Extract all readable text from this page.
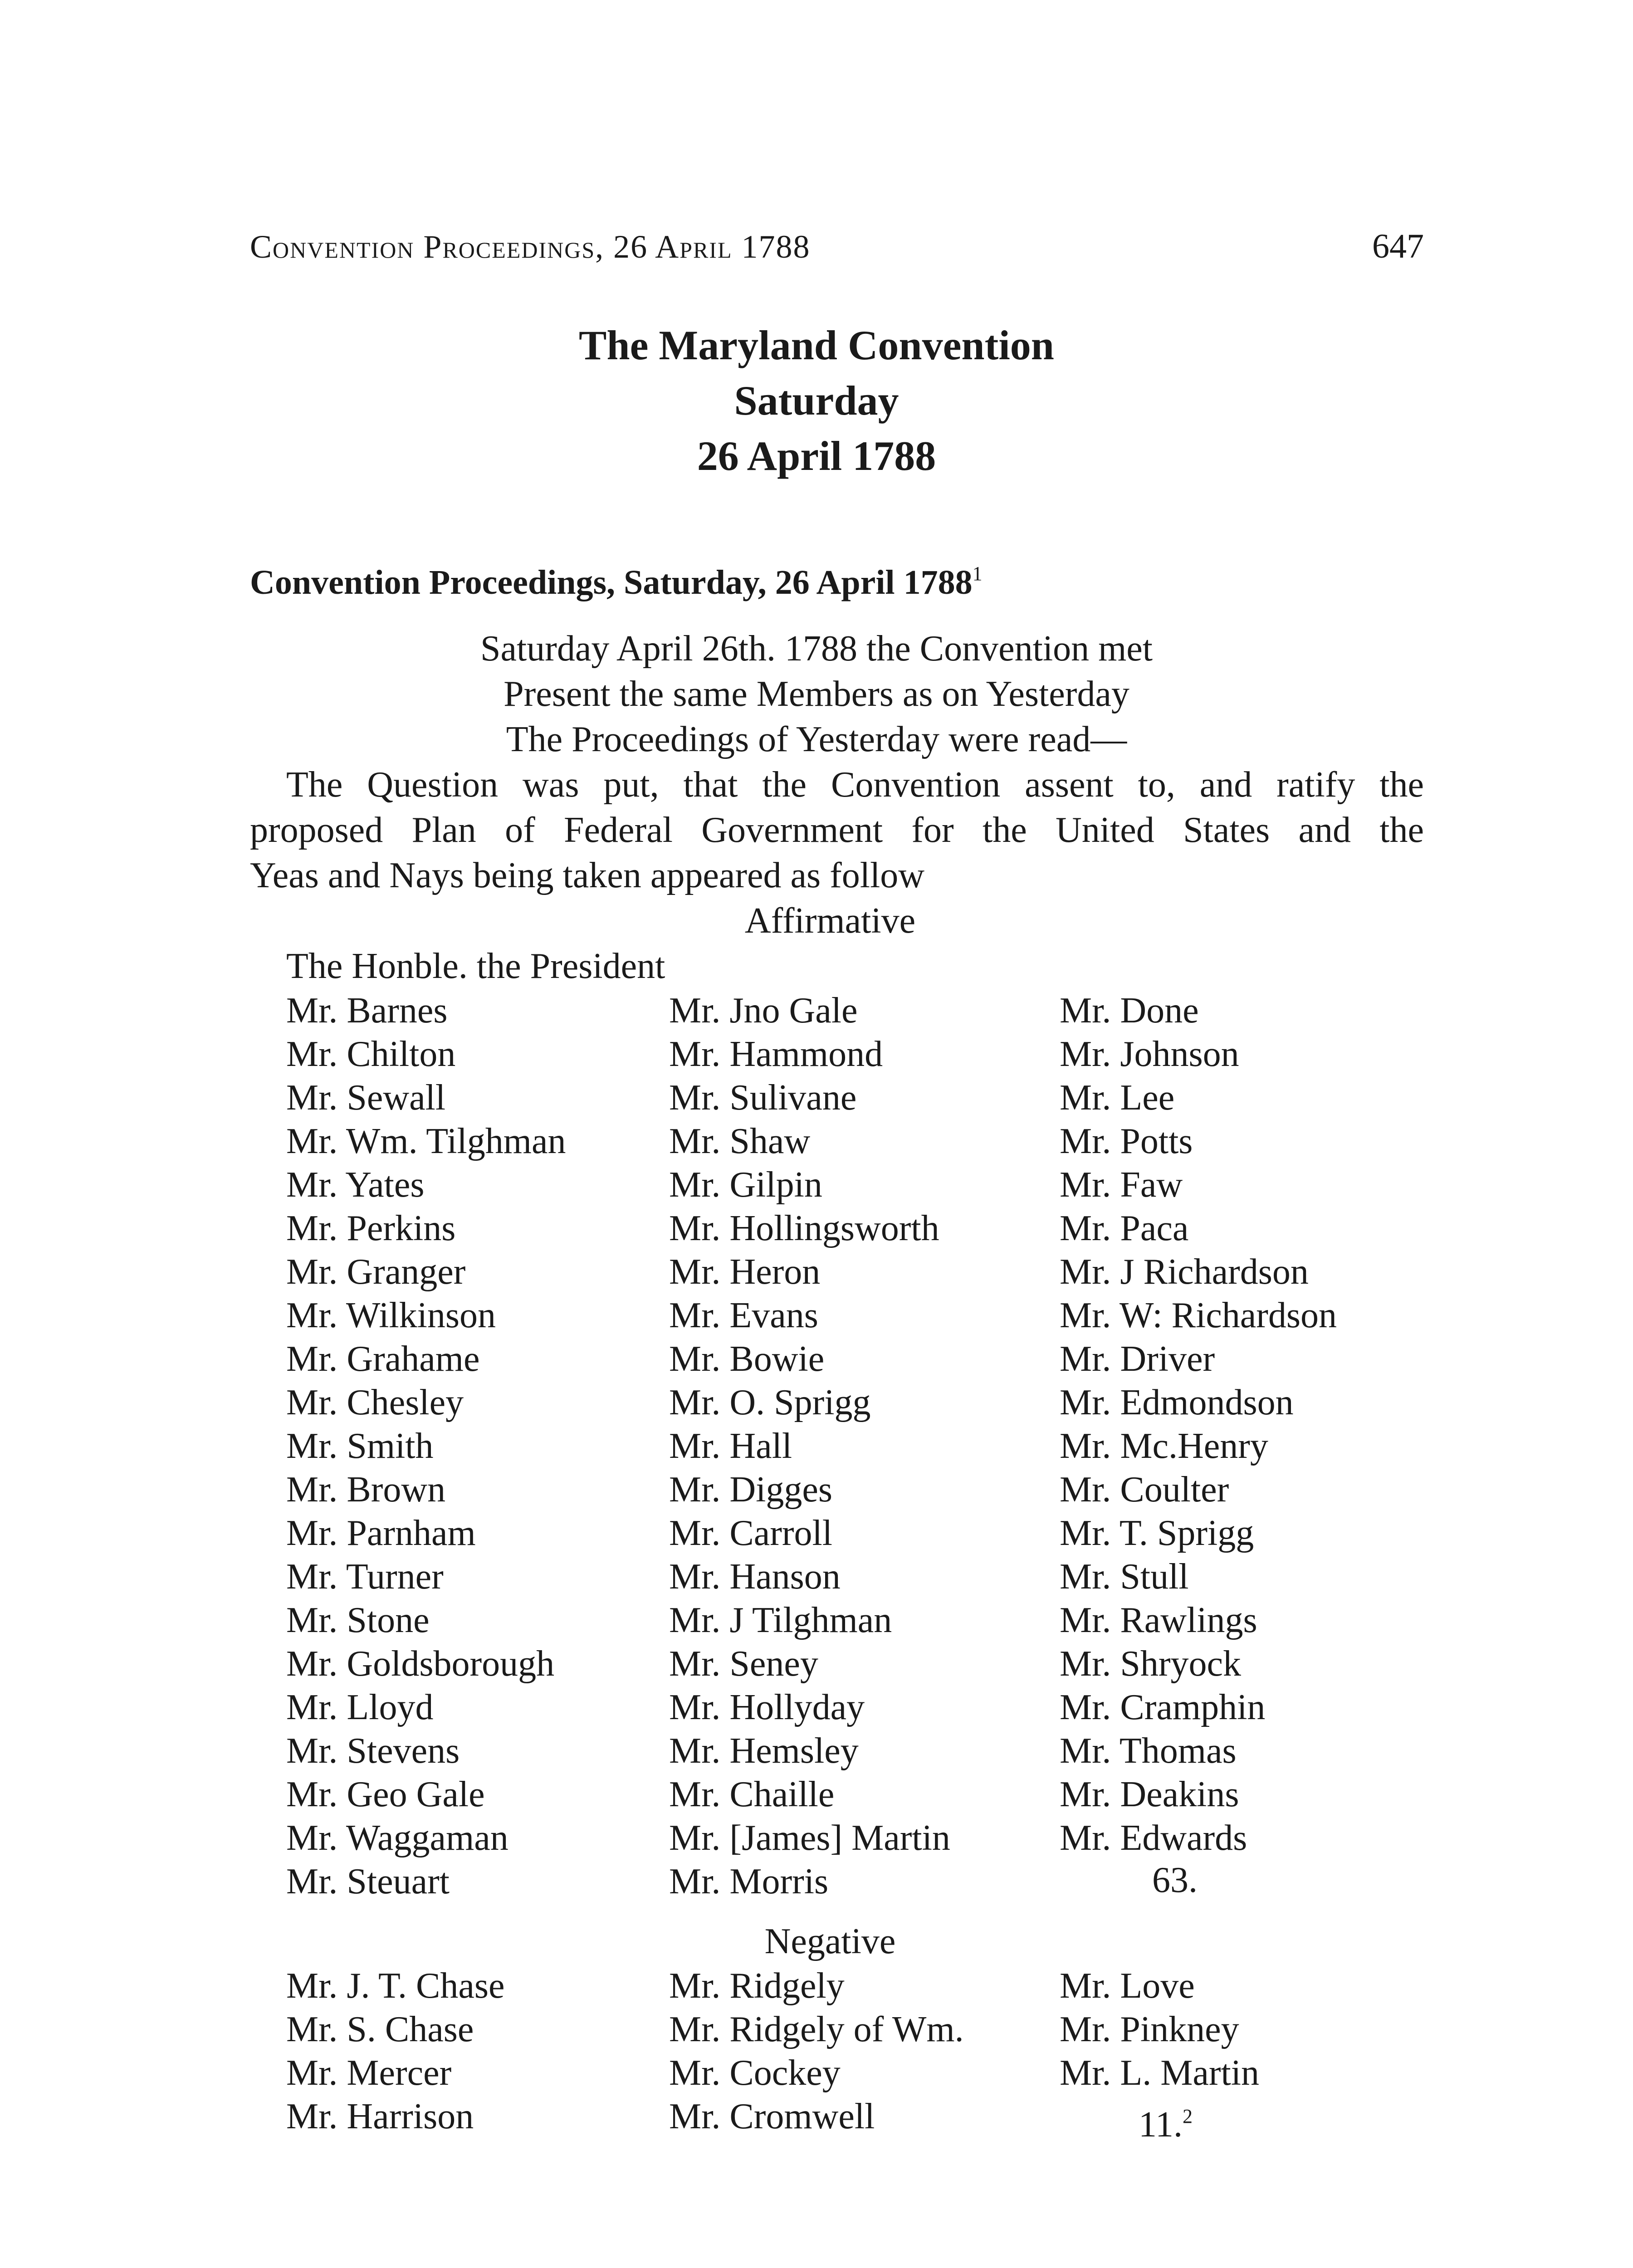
Convention Proceedings, 26 April 1788	647
The Maryland Convention
Saturday
26 April 1788
Convention Proceedings, Saturday, 26 April 1788$^1$
Saturday April 26th. 1788 the Convention met
Present the same Members as on Yesterday
The Proceedings of Yesterday were read—
The Question was put, that the Convention assent to, and ratify the
proposed Plan of Federal Government for the United States and the
Yeas and Nays being taken appeared as follow
Affirmative
The Honble. the President
Mr. Barnes
Mr. Chilton
Mr. Sewall
Mr. Wm. Tilghman
Mr. Yates
Mr. Perkins
Mr. Granger
Mr. Wilkinson
Mr. Grahame
Mr. Chesley
Mr. Smith
Mr. Brown
Mr. Parnham
Mr. Turner
Mr. Stone
Mr. Goldsborough
Mr. Lloyd
Mr. Stevens
Mr. Geo Gale
Mr. Waggaman
Mr. Steuart
Mr. Jno Gale
Mr. Hammond
Mr. Sulivane
Mr. Shaw
Mr. Gilpin
Mr. Hollingsworth
Mr. Heron
Mr. Evans
Mr. Bowie
Mr. O. Sprigg
Mr. Hall
Mr. Digges
Mr. Carroll
Mr. Hanson
Mr. J Tilghman
Mr. Seney
Mr. Hollyday
Mr. Hemsley
Mr. Chaille
Mr. [James] Martin
Mr. Morris
Mr. Done
Mr. Johnson
Mr. Lee
Mr. Potts
Mr. Faw
Mr. Paca
Mr. J Richardson
Mr. W: Richardson
Mr. Driver
Mr. Edmondson
Mr. Mc.Henry
Mr. Coulter
Mr. T. Sprigg
Mr. Stull
Mr. Rawlings
Mr. Shryock
Mr. Cramphin
Mr. Thomas
Mr. Deakins
Mr. Edwards
63.
Negative
Mr. J. T. Chase
Mr. S. Chase
Mr. Mercer
Mr. Harrison
Mr. Ridgely
Mr. Ridgely of Wm.
Mr. Cockey
Mr. Cromwell
Mr. Love
Mr. Pinkney
Mr. L. Martin
11.$^2$
